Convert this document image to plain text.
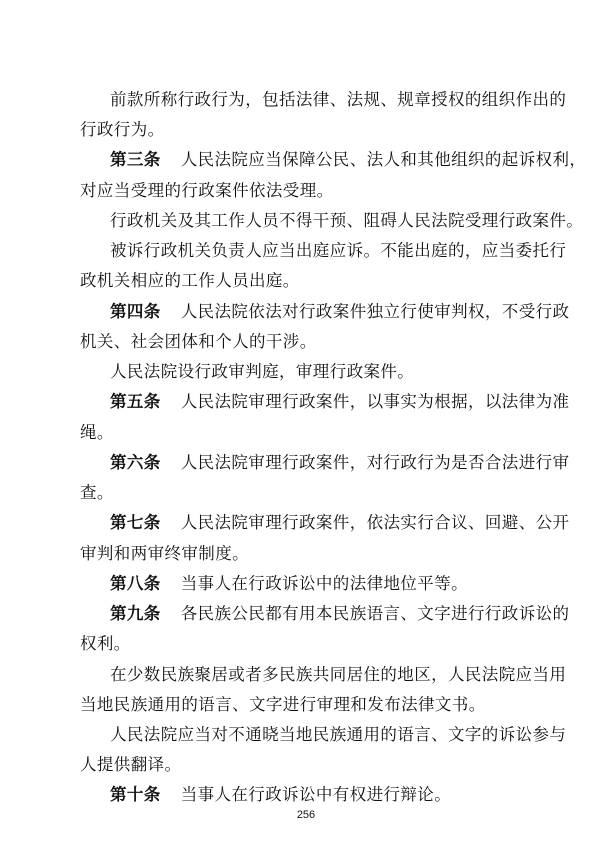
前款所称行政行为，包括法律、法规、规章授权的组织作出的
行政行为。
第三条 人民法院应当保障公民、法人和其他组织的起诉权利，
对应当受理的行政案件依法受理。
行政机关及其工作人员不得干预、阻碍人民法院受理行政案件。
被诉行政机关负责人应当出庭应诉。不能出庭的，应当委托行
政机关相应的工作人员出庭。
第四条 人民法院依法对行政案件独立行使审判权，不受行政
机关、社会团体和个人的干涉。
人民法院设行政审判庭，审理行政案件。
第五条 人民法院审理行政案件，以事实为根据，以法律为准
绳。
第六条 人民法院审理行政案件，对行政行为是否合法进行审
查。
第七条 人民法院审理行政案件，依法实行合议、回避、公开
审判和两审终审制度。
第八条 当事人在行政诉讼中的法律地位平等。
第九条 各民族公民都有用本民族语言、文字进行行政诉讼的
权利。
在少数民族聚居或者多民族共同居住的地区，人民法院应当用
当地民族通用的语言、文字进行审理和发布法律文书。
人民法院应当对不通晓当地民族通用的语言、文字的诉讼参与
人提供翻译。
第十条 当事人在行政诉讼中有权进行辩论。
256
